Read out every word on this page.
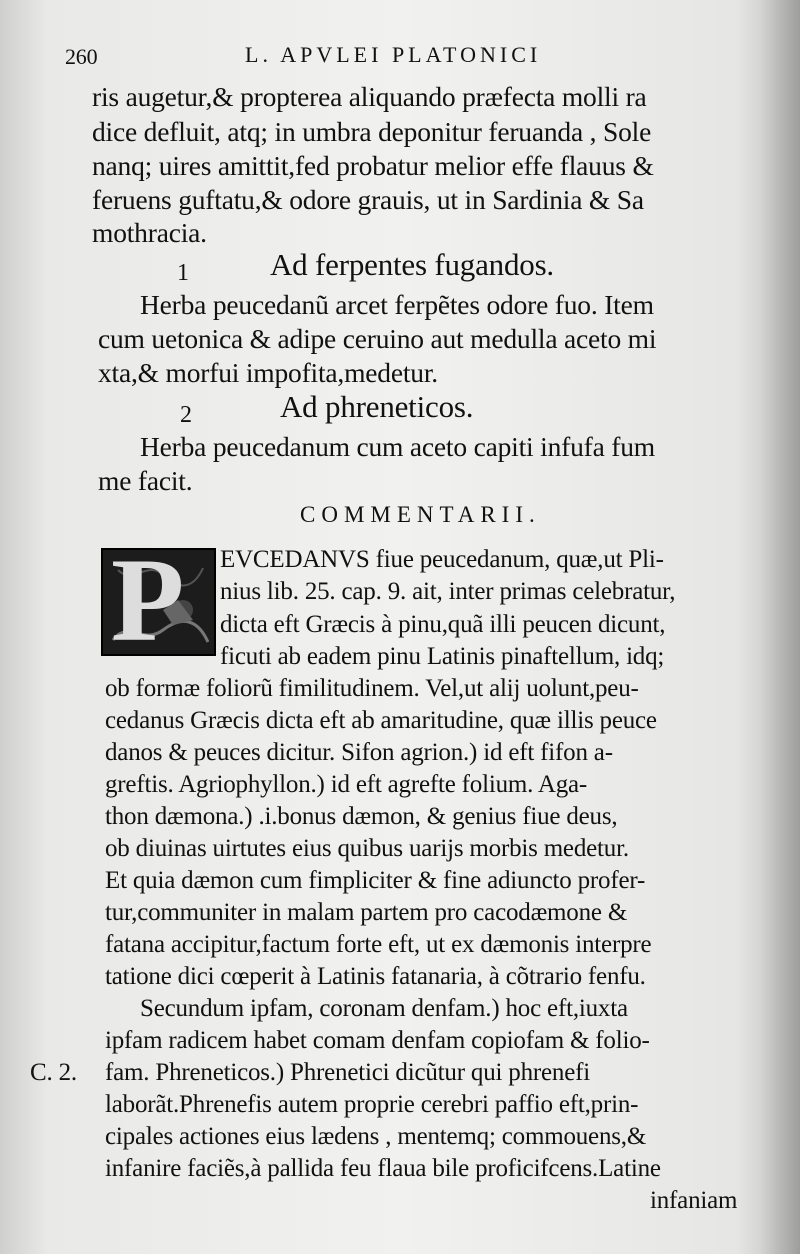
260	L. APVLEI PLATONICI
ris augetur,& propterea aliquando præfecta molli ra
dice defluit, atq; in umbra deponitur feruanda , Sole
nanq; uires amittit,fed probatur melior effe flauus &
feruens guftatu,& odore grauis, ut in Sardinia & Sa
mothracia.
1	Ad ferpentes fugandos.
Herba peucedanũ arcet ferpẽtes odore fuo. Item
cum uetonica & adipe ceruino aut medulla aceto mi
xta,& morfui impofita,medetur.
2	Ad phreneticos.
Herba peucedanum cum aceto capiti infufa fum
me facit.
COMMENTARII.
P EVCEDANVS fiue peucedanum, quæ,ut Pli-
nius lib. 25. cap. 9. ait, inter primas celebratur,
dicta eft Græcis à pinu,quã illi peucen dicunt,
ficuti ab eadem pinu Latinis pinaftellum, idq;
ob formæ foliorũ fimilitudinem. Vel,ut alij uolunt,peu-
cedanus Græcis dicta eft ab amaritudine, quæ illis peuce
danos & peuces dicitur. Sifon agrion.) id eft fifon a-
greftis. Agriophyllon.) id eft agrefte folium. Aga-
thon dæmona.) .i.bonus dæmon, & genius fiue deus,
ob diuinas uirtutes eius quibus uarijs morbis medetur.
Et quia dæmon cum fimpliciter & fine adiuncto profer-
tur,communiter in malam partem pro cacodæmone &
fatana accipitur,factum forte eft, ut ex dæmonis interpre
tatione dici cœperit à Latinis fatanaria, à cõtrario fenfu.
Secundum ipfam, coronam denfam.) hoc eft,iuxta
ipfam radicem habet comam denfam copiofam & folio-
C. 2. fam. Phreneticos.) Phrenetici dicũtur qui phrenefi
laborãt.Phrenefis autem proprie cerebri paffio eft,prin-
cipales actiones eius lædens , mentemq; commouens,&
infanire faciẽs,à pallida feu flaua bile proficifcens.Latine
infaniam
